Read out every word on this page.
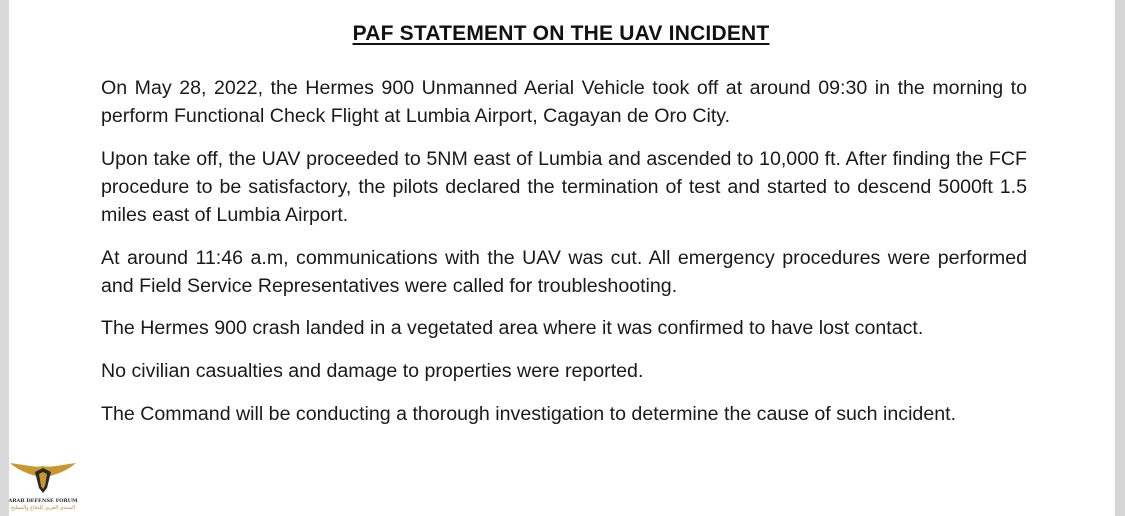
PAF STATEMENT ON THE UAV INCIDENT

On May 28, 2022, the Hermes 900 Unmanned Aerial Vehicle took off at around 09:30 in the morning to perform Functional Check Flight at Lumbia Airport, Cagayan de Oro City.

Upon take off, the UAV proceeded to 5NM east of Lumbia and ascended to 10,000 ft. After finding the FCF procedure to be satisfactory, the pilots declared the termination of test and started to descend 5000ft 1.5 miles east of Lumbia Airport.

At around 11:46 a.m, communications with the UAV was cut. All emergency procedures were performed and Field Service Representatives were called for troubleshooting.

The Hermes 900 crash landed in a vegetated area where it was confirmed to have lost contact.

No civilian casualties and damage to properties were reported.

The Command will be conducting a thorough investigation to determine the cause of such incident.

ARAB DEFENSE FORUM
المنتدى العربي للدفاع والتسليح
